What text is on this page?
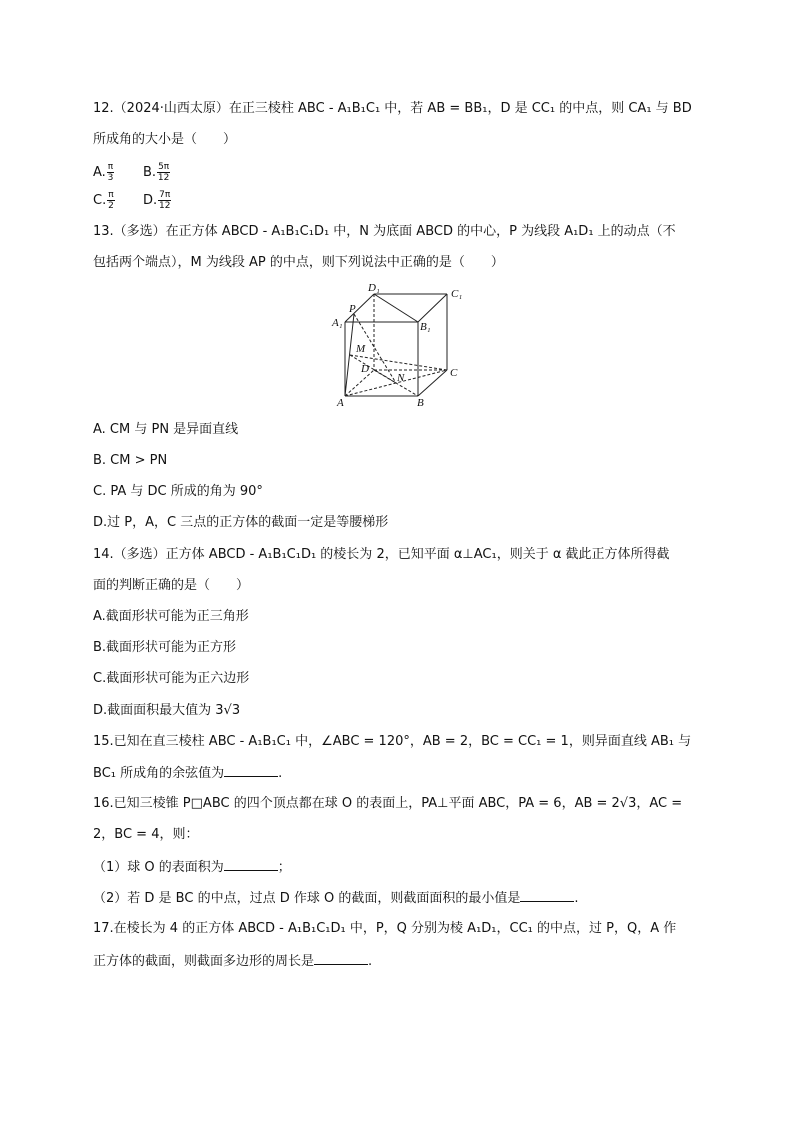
12.（2024·山西太原）在正三棱柱 ABC - A₁B₁C₁ 中，若 AB = BB₁，D 是 CC₁ 的中点，则 CA₁ 与 BD
所成角的大小是（　　）
A. $\frac{\pi}{3} B$. $\frac{5\pi}{12}$
C. $\frac{\pi}{2} D$. $\frac{7\pi}{12}$
13.（多选）在正方体 ABCD - A₁B₁C₁D₁ 中，N 为底面 ABCD 的中心，P 为线段 A₁D₁ 上的动点（不
包括两个端点），M 为线段 AP 的中点，则下列说法中正确的是（　　）
D₁	C₁
P
A₁	B₁
M
D
N	C
A	B
A. CM 与 PN 是异面直线
B. CM > PN
C. PA 与 DC 所成的角为 90°
D.过 P，A，C 三点的正方体的截面一定是等腰梯形
14.（多选）正方体 ABCD - A₁B₁C₁D₁ 的棱长为 2，已知平面 α⊥AC₁，则关于 α 截此正方体所得截
面的判断正确的是（　　）
A.截面形状可能为正三角形
B.截面形状可能为正方形
C.截面形状可能为正六边形
D.截面面积最大值为 3√3
15.已知在直三棱柱 ABC - A₁B₁C₁ 中，∠ABC = 120°，AB = 2，BC = CC₁ = 1，则异面直线 AB₁ 与
BC₁ 所成角的余弦值为	.
16.已知三棱锥 P□ABC 的四个顶点都在球 O 的表面上，PA⊥平面 ABC，PA = 6，AB = 2√3，AC =
2，BC = 4，则：
（1）球 O 的表面积为	；
（2）若 D 是 BC 的中点，过点 D 作球 O 的截面，则截面面积的最小值是	.
17.在棱长为 4 的正方体 ABCD - A₁B₁C₁D₁ 中，P，Q 分别为棱 A₁D₁，CC₁ 的中点，过 P，Q，A 作
正方体的截面，则截面多边形的周长是	.
